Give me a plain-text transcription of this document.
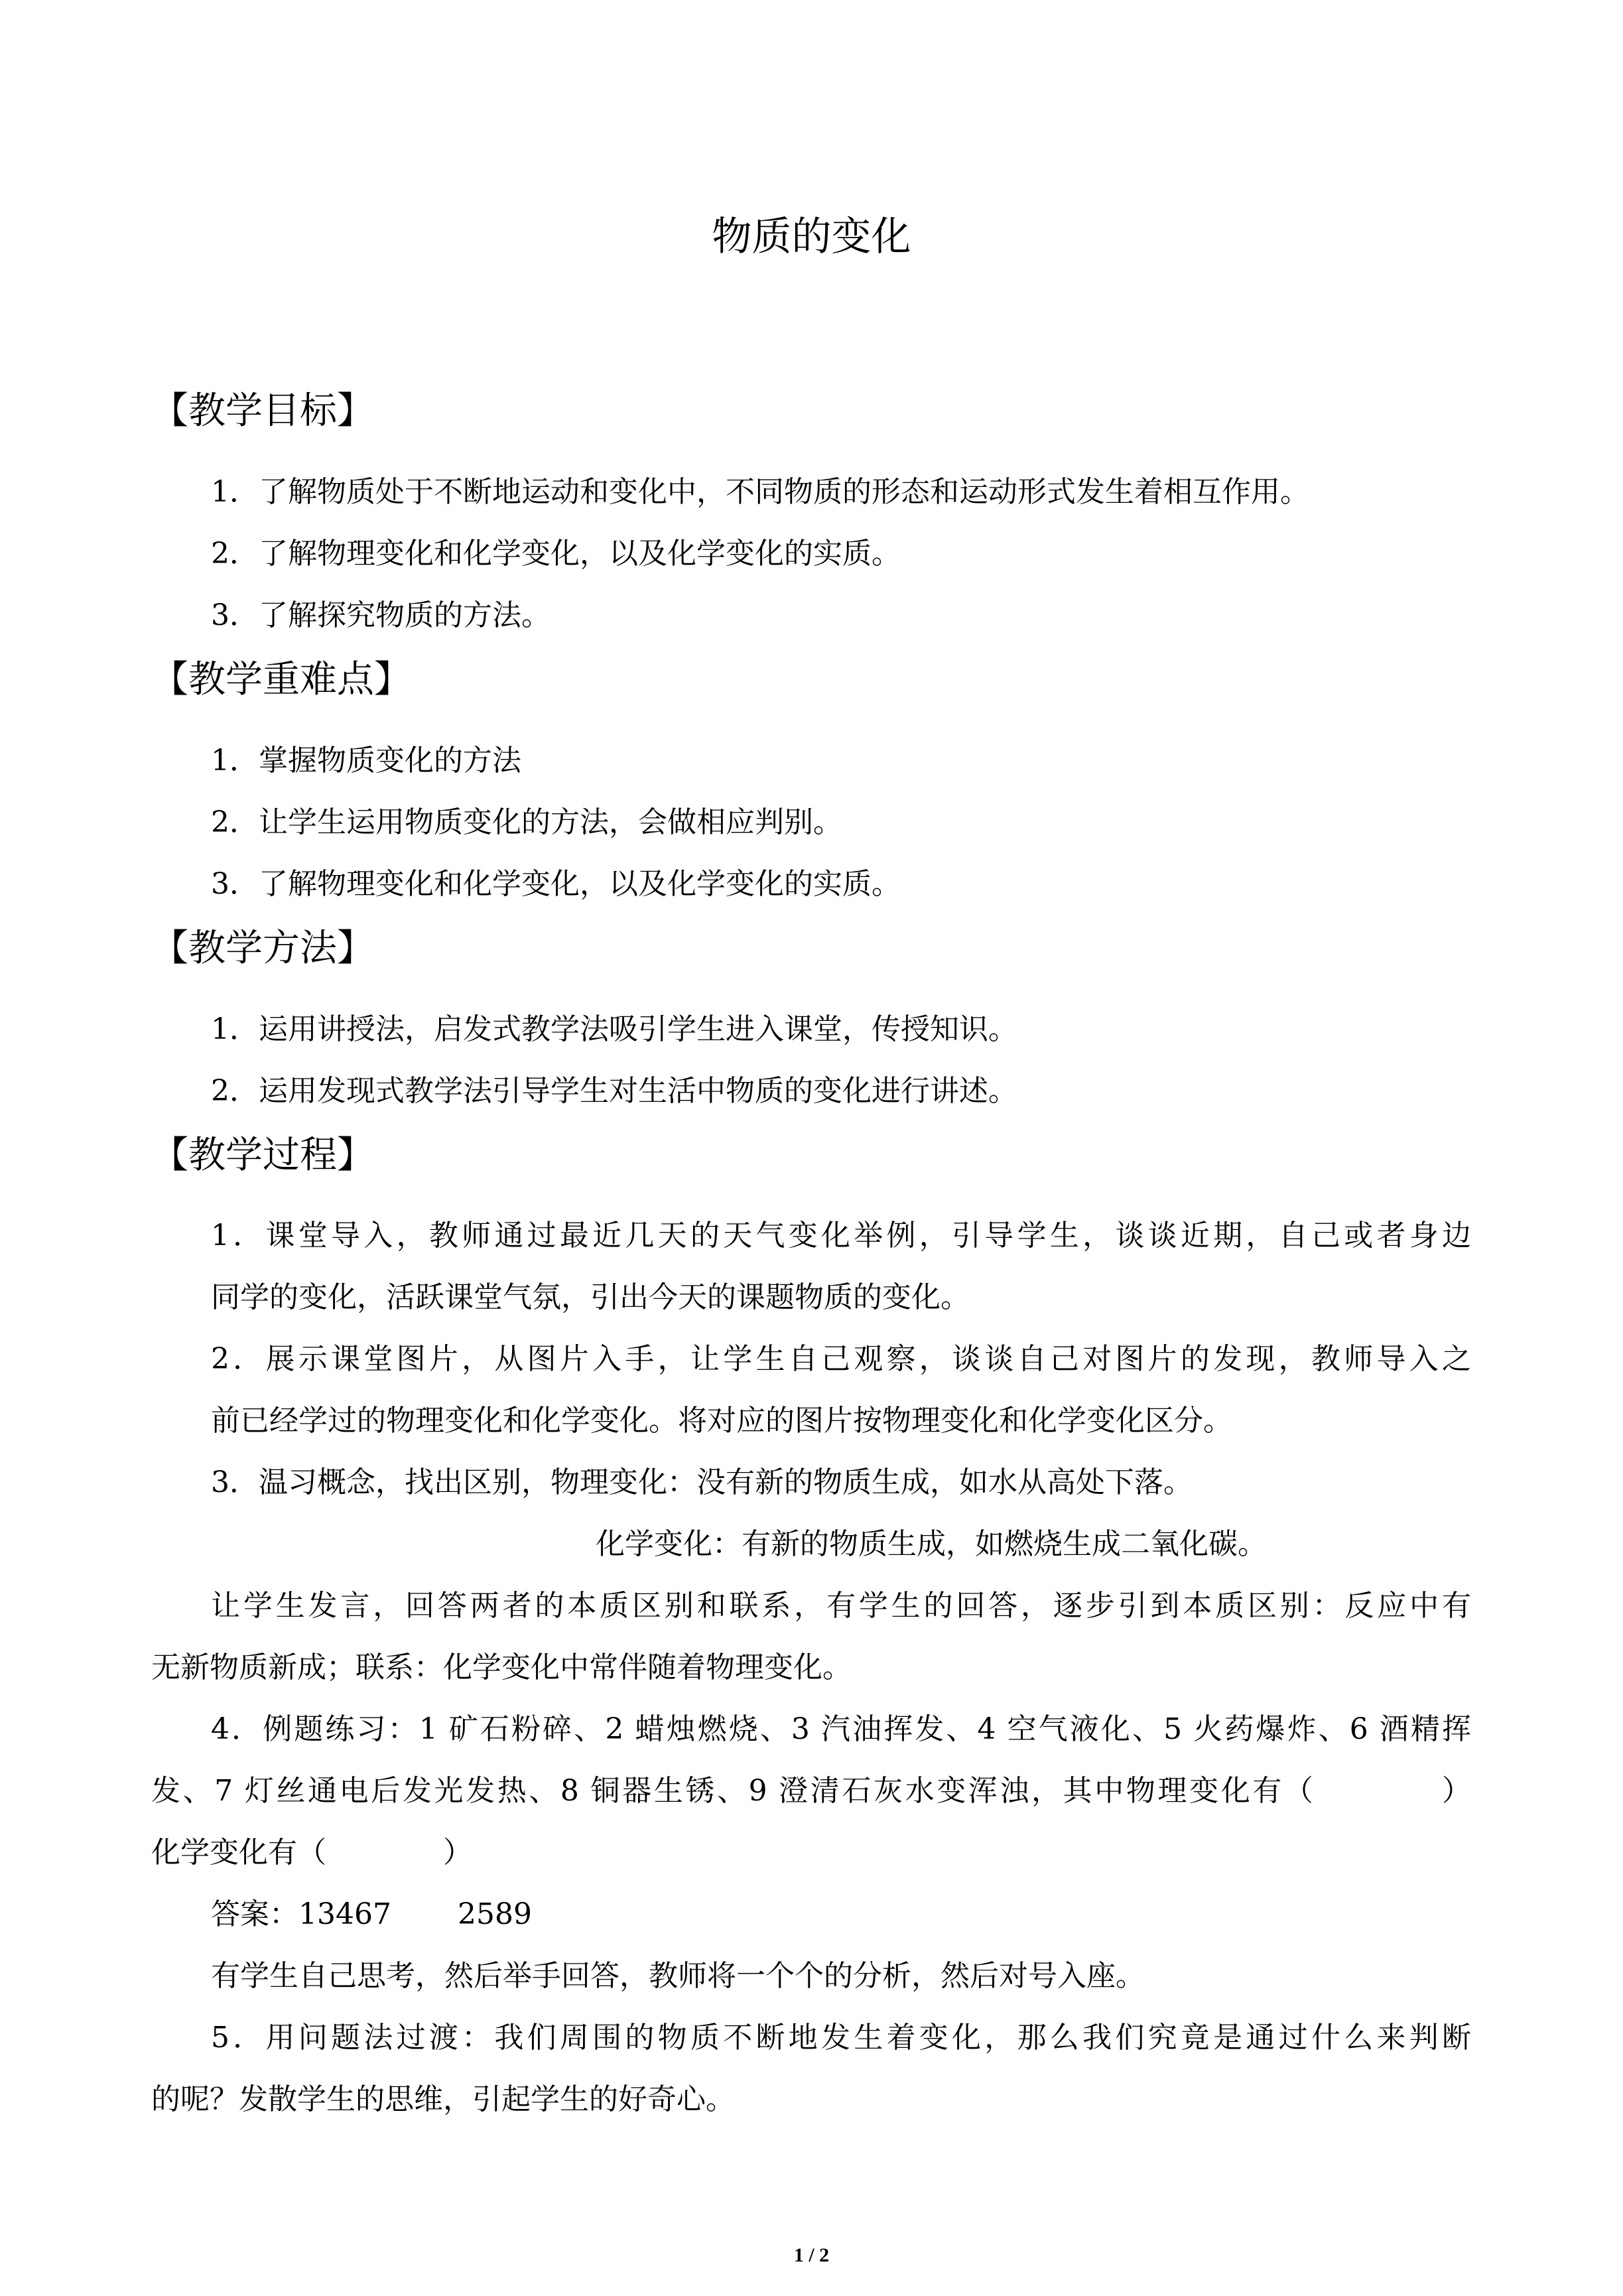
物质的变化
【教学目标】

1．了解物质处于不断地运动和变化中，不同物质的形态和运动形式发生着相互作用。

2．了解物理变化和化学变化，以及化学变化的实质。

3．了解探究物质的方法。

【教学重难点】

1．掌握物质变化的方法

2．让学生运用物质变化的方法，会做相应判别。

3．了解物理变化和化学变化，以及化学变化的实质。

【教学方法】

1．运用讲授法，启发式教学法吸引学生进入课堂，传授知识。

2．运用发现式教学法引导学生对生活中物质的变化进行讲述。

【教学过程】

1．课堂导入，教师通过最近几天的天气变化举例，引导学生，谈谈近期，自己或者身边

同学的变化，活跃课堂气氛，引出今天的课题物质的变化。

2．展示课堂图片，从图片入手，让学生自己观察，谈谈自己对图片的发现，教师导入之

前已经学过的物理变化和化学变化。将对应的图片按物理变化和化学变化区分。

3．温习概念，找出区别，物理变化：没有新的物质生成，如水从高处下落。

化学变化：有新的物质生成，如燃烧生成二氧化碳。

让学生发言，回答两者的本质区别和联系，有学生的回答，逐步引到本质区别：反应中有

无新物质新成；联系：化学变化中常伴随着物理变化。

4．例题练习：1 矿石粉碎、2 蜡烛燃烧、3 汽油挥发、4 空气液化、5 火药爆炸、6 酒精挥

发、7 灯丝通电后发光发热、8 铜器生锈、9 澄清石灰水变浑浊，其中物理变化有（　　　　）

化学变化有（　　　　）

答案：13467 2589

有学生自己思考，然后举手回答，教师将一个个的分析，然后对号入座。

5．用问题法过渡：我们周围的物质不断地发生着变化，那么我们究竟是通过什么来判断

的呢？发散学生的思维，引起学生的好奇心。

1 / 2
